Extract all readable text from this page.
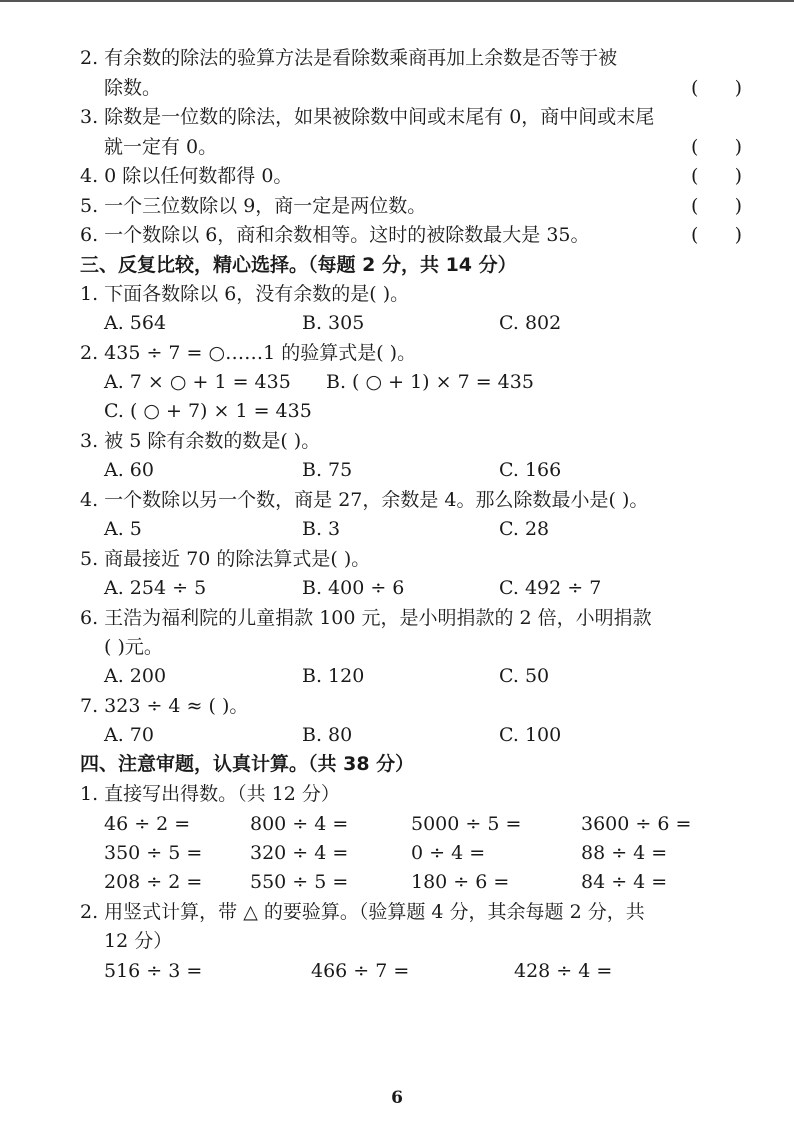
2. 有余数的除法的验算方法是看除数乘商再加上余数是否等于被
除数。	(      )
3. 除数是一位数的除法，如果被除数中间或末尾有 0，商中间或末尾
就一定有 0。	(      )
4. 0 除以任何数都得 0。	(      )
5. 一个三位数除以 9，商一定是两位数。	(      )
6. 一个数除以 6，商和余数相等。这时的被除数最大是 35。	(      )
三、反复比较，精心选择。（每题 2 分，共 14 分）
1. 下面各数除以 6，没有余数的是( )。
A. 564	B. 305	C. 802
2. 435 ÷ 7 = ○……1 的验算式是( )。
A. 7 × ○ + 1 = 435 B. ( ○ + 1) × 7 = 435
C. ( ○ + 7) × 1 = 435
3. 被 5 除有余数的数是( )。
A. 60	B. 75	C. 166
4. 一个数除以另一个数，商是 27，余数是 4。那么除数最小是( )。
A. 5	B. 3	C. 28
5. 商最接近 70 的除法算式是( )。
A. 254 ÷ 5	B. 400 ÷ 6	C. 492 ÷ 7
6. 王浩为福利院的儿童捐款 100 元，是小明捐款的 2 倍，小明捐款
( )元。
A. 200	B. 120	C. 50
7. 323 ÷ 4 ≈ ( )。
A. 70	B. 80	C. 100
四、注意审题，认真计算。（共 38 分）
1. 直接写出得数。（共 12 分）
46 ÷ 2 =	800 ÷ 4 =	5000 ÷ 5 =	3600 ÷ 6 =
350 ÷ 5 =	320 ÷ 4 =	0 ÷ 4 =	88 ÷ 4 =
208 ÷ 2 =	550 ÷ 5 =	180 ÷ 6 =	84 ÷ 4 =
2. 用竖式计算，带 △ 的要验算。（验算题 4 分，其余每题 2 分，共
12 分）
516 ÷ 3 =	466 ÷ 7 =	428 ÷ 4 =
6
